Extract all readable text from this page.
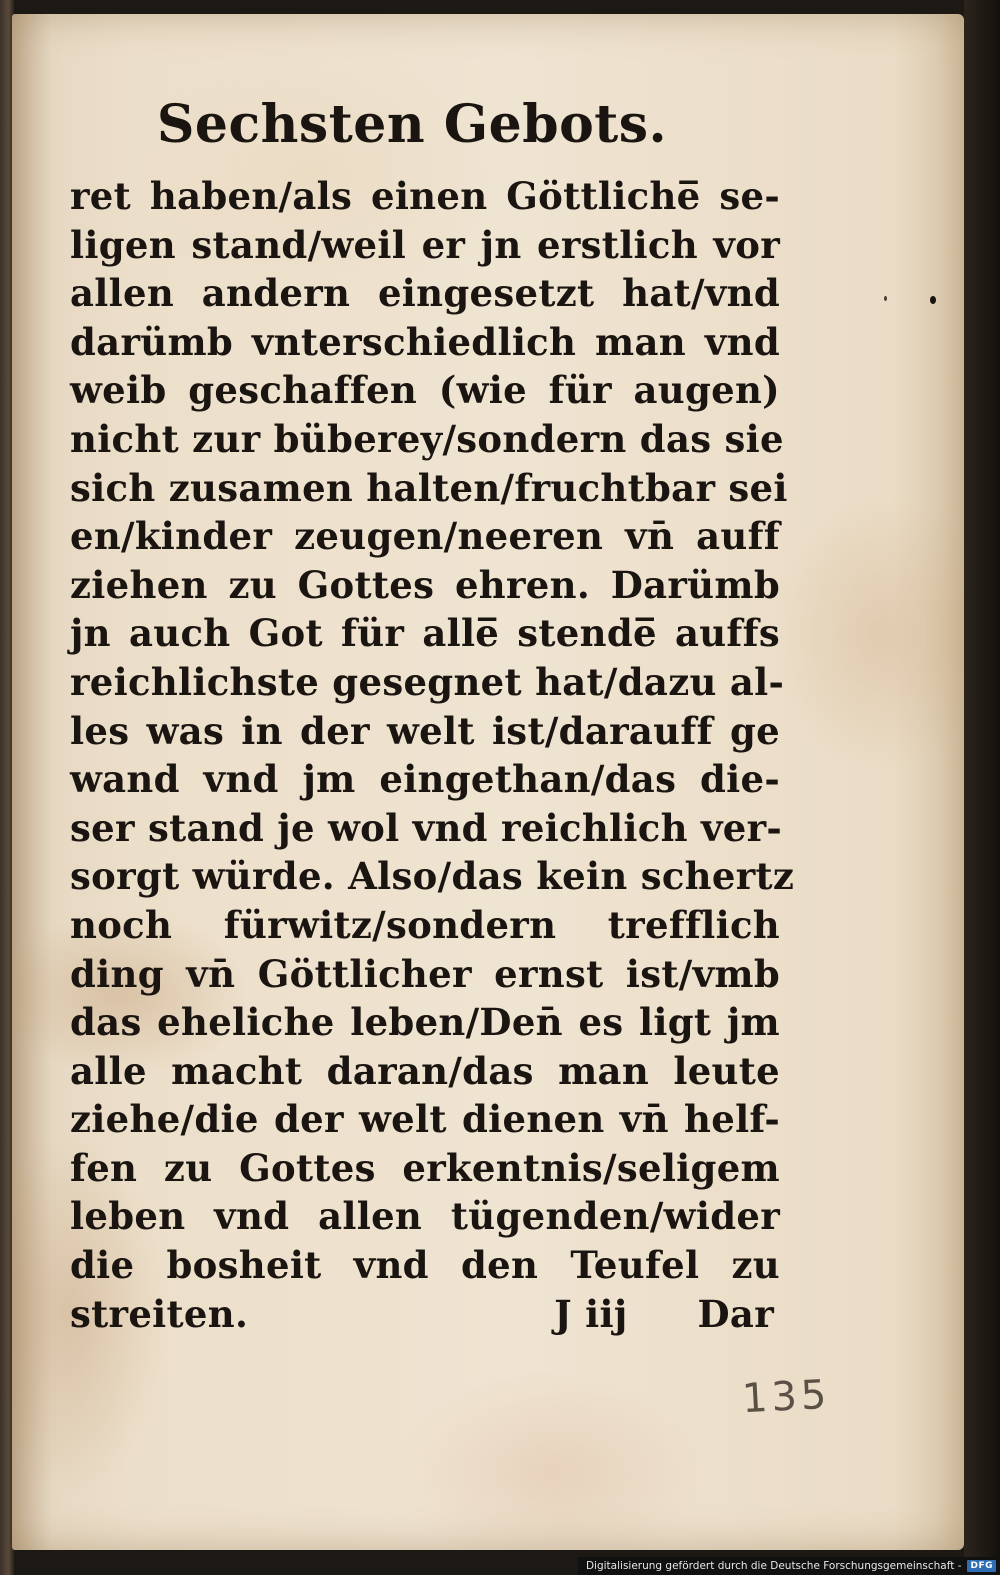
Sechsten Gebots.
ret haben/als einen Göttliche̅ se-
ligen stand/weil er jn erstlich vor
allen andern eingesetzt hat/vnd
darümb vnterschiedlich man vnd
weib geschaffen (wie für augen)
nicht zur büberey/sondern das sie
sich zusamen halten/fruchtbar sei
en/kinder zeugen/neeren vn̄ auff
ziehen zu Gottes ehren. Darümb
jn auch Got für alle̅ stende̅ auffs
reichlichste gesegnet hat/dazu al-
les was in der welt ist/darauff ge
wand vnd jm eingethan/das die-
ser stand je wol vnd reichlich ver-
sorgt würde. Also/das kein schertz
noch fürwitz/sondern trefflich
ding vn̄ Göttlicher ernst ist/vmb
das eheliche leben/Den̄ es ligt jm
alle macht daran/das man leute
ziehe/die der welt dienen vn̄ helf-
fen zu Gottes erkentnis/seligem
leben vnd allen tügenden/wider
die bosheit vnd den Teufel zu
streiten.	J iij Dar
135
Digitalisierung gefördert durch die Deutsche Forschungsgemeinschaft -	DFG
